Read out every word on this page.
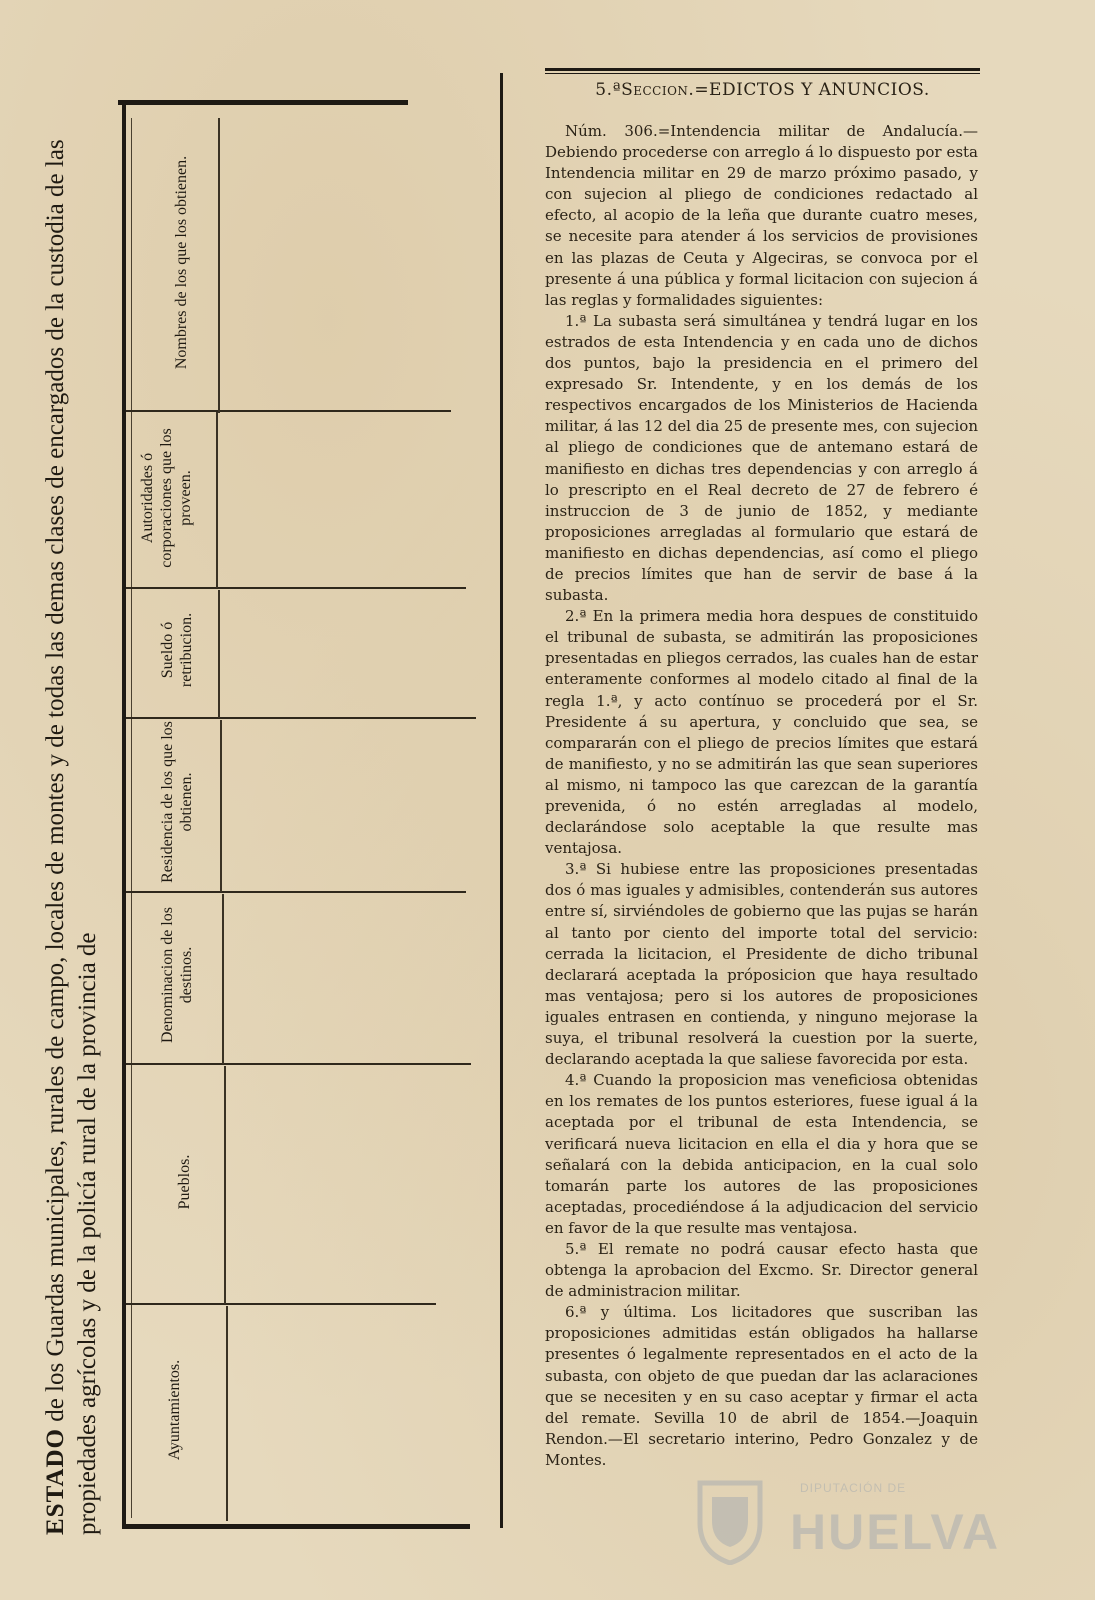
ESTADO de los Guardas municipales, rurales de campo, locales de montes y de todas las demas clases de encargados de la custodia de las propiedades agrícolas y de la policía rural de la provincia de	Ayuntamientos.
Pueblos.
Denominacion de los destinos.
Residencia de los que los obtienen.
Sueldo ó retribucion.
Autoridades ó corporaciones que los proveen.
Nombres de los que los obtienen.
5.ªSeccion.=EDICTOS Y ANUNCIOS.

Núm. 306.=Intendencia militar de Andalucía.—Debiendo procederse con arreglo á lo dispuesto por esta Intendencia militar en 29 de marzo próximo pasado, y con sujecion al pliego de condiciones redactado al efecto, al acopio de la leña que durante cuatro meses, se necesite para atender á los servicios de provisiones en las plazas de Ceuta y Algeciras, se convoca por el presente á una pública y formal licitacion con sujecion á las reglas y formalidades siguientes:

1.ª La subasta será simultánea y tendrá lugar en los estrados de esta Intendencia y en cada uno de dichos dos puntos, bajo la presidencia en el primero del expresado Sr. Intendente, y en los demás de los respectivos encargados de los Ministerios de Hacienda militar, á las 12 del dia 25 de presente mes, con sujecion al pliego de condiciones que de antemano estará de manifiesto en dichas tres dependencias y con arreglo á lo prescripto en el Real decreto de 27 de febrero é instruccion de 3 de junio de 1852, y mediante proposiciones arregladas al formulario que estará de manifiesto en dichas dependencias, así como el pliego de precios límites que han de servir de base á la subasta.

2.ª En la primera media hora despues de constituido el tribunal de subasta, se admitirán las proposiciones presentadas en pliegos cerrados, las cuales han de estar enteramente conformes al modelo citado al final de la regla 1.ª, y acto contínuo se procederá por el Sr. Presidente á su apertura, y concluido que sea, se compararán con el pliego de precios límites que estará de manifiesto, y no se admitirán las que sean superiores al mismo, ni tampoco las que carezcan de la garantía prevenida, ó no estén arregladas al modelo, declarándose solo aceptable la que resulte mas ventajosa.

3.ª Si hubiese entre las proposiciones presentadas dos ó mas iguales y admisibles, contenderán sus autores entre sí, sirviéndoles de gobierno que las pujas se harán al tanto por ciento del importe total del servicio: cerrada la licitacion, el Presidente de dicho tribunal declarará aceptada la próposicion que haya resultado mas ventajosa; pero si los autores de proposiciones iguales entrasen en contienda, y ninguno mejorase la suya, el tribunal resolverá la cuestion por la suerte, declarando aceptada la que saliese favorecida por esta.

4.ª Cuando la proposicion mas veneficiosa obtenidas en los remates de los puntos esteriores, fuese igual á la aceptada por el tribunal de esta Intendencia, se verificará nueva licitacion en ella el dia y hora que se señalará con la debida anticipacion, en la cual solo tomarán parte los autores de las proposiciones aceptadas, procediéndose á la adjudicacion del servicio en favor de la que resulte mas ventajosa.

5.ª El remate no podrá causar efecto hasta que obtenga la aprobacion del Excmo. Sr. Director general de administracion militar.

6.ª y última. Los licitadores que suscriban las proposiciones admitidas están obligados ha hallarse presentes ó legalmente representados en el acto de la subasta, con objeto de que puedan dar las aclaraciones que se necesiten y en su caso aceptar y firmar el acta del remate. Sevilla 10 de abril de 1854.—Joaquin Rendon.—El secretario interino, Pedro Gonzalez y de Montes.

DIPUTACIÓN DE
HUELVA
